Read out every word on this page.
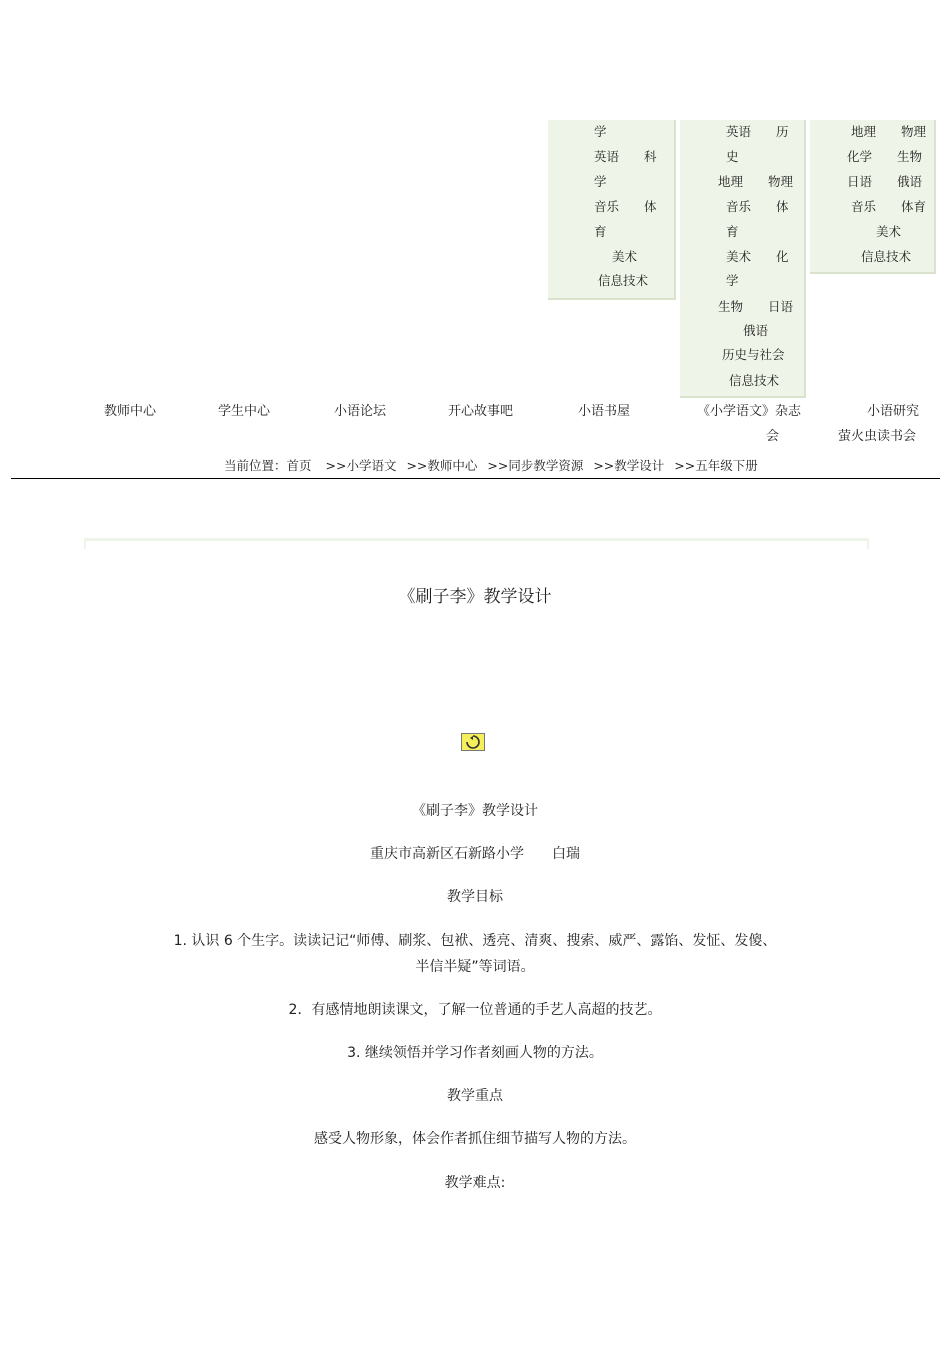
学
英语　　科
学
音乐　　体
育
美术
信息技术
英语　　历
史
地理　　物理
音乐　　体
育
美术　　化
学
生物　　日语
俄语
历史与社会
信息技术
地理　　物理
化学　　生物
日语　　俄语
音乐　　体育
美术
信息技术
教师中心	学生中心	小语论坛	开心故事吧	小语书屋	《小学语文》杂志
会
小语研究
萤火虫读书会
当前位置：首页 >>小学语文 >>教师中心 >>同步教学资源 >>教学设计 >>五年级下册
《刷子李》教学设计
《刷子李》教学设计
重庆市高新区石新路小学　　白瑞
教学目标
1. 认识 6 个生字。读读记记“师傅、刷浆、包袱、透亮、清爽、搜索、威严、露馅、发怔、发傻、
半信半疑”等词语。
2．有感情地朗读课文，了解一位普通的手艺人高超的技艺。
3. 继续领悟并学习作者刻画人物的方法。
教学重点
感受人物形象，体会作者抓住细节描写人物的方法。
教学难点:
